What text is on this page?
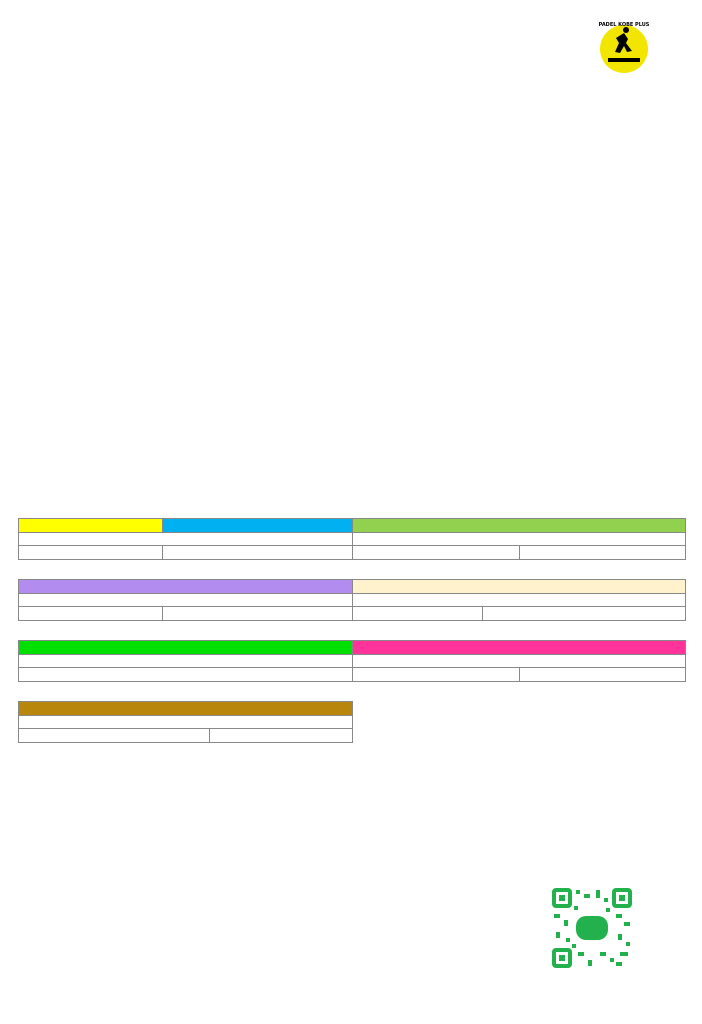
PADEL KOBE PLUS
